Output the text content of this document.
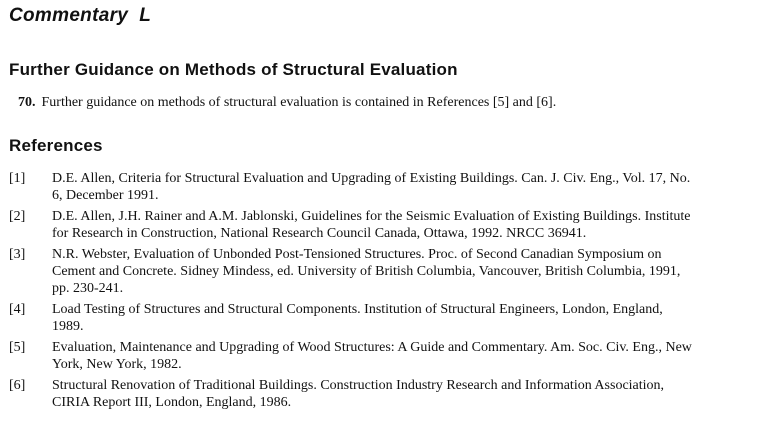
Commentary  L
Further Guidance on Methods of Structural Evaluation

70. Further guidance on methods of structural evaluation is contained in References [5] and [6].

References
[1]	D.E. Allen, Criteria for Structural Evaluation and Upgrading of Existing Buildings. Can. J. Civ. Eng., Vol. 17, No. 6, December 1991.
[2]	D.E. Allen, J.H. Rainer and A.M. Jablonski, Guidelines for the Seismic Evaluation of Existing Buildings. Institute for Research in Construction, National Research Council Canada, Ottawa, 1992. NRCC 36941.
[3]	N.R. Webster, Evaluation of Unbonded Post-Tensioned Structures. Proc. of Second Canadian Symposium on Cement and Concrete. Sidney Mindess, ed. University of British Columbia, Vancouver, British Columbia, 1991, pp. 230-241.
[4]	Load Testing of Structures and Structural Components. Institution of Structural Engineers, London, England, 1989.
[5]	Evaluation, Maintenance and Upgrading of Wood Structures: A Guide and Commentary. Am. Soc. Civ. Eng., New York, New York, 1982.
[6]	Structural Renovation of Traditional Buildings. Construction Industry Research and Information Association, CIRIA Report III, London, England, 1986.
